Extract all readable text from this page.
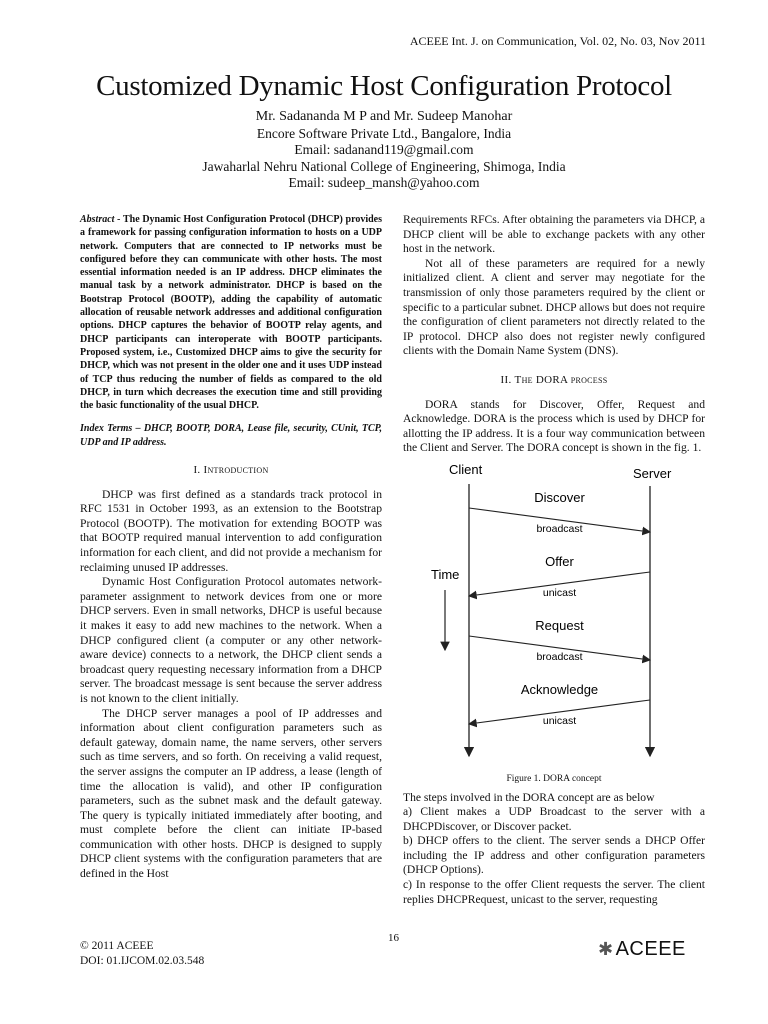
ACEEE Int. J. on Communication, Vol. 02, No. 03, Nov 2011
Customized Dynamic Host Configuration Protocol
Mr. Sadananda M P and Mr. Sudeep Manohar
Encore Software Private Ltd., Bangalore, India
Email: sadanand119@gmail.com
Jawaharlal Nehru National College of Engineering, Shimoga, India
Email: sudeep_mansh@yahoo.com

Abstract - The Dynamic Host Configuration Protocol (DHCP) provides a framework for passing configuration information to hosts on a UDP network. Computers that are connected to IP networks must be configured before they can communicate with other hosts. The most essential information needed is an IP address. DHCP eliminates the manual task by a network administrator. DHCP is based on the Bootstrap Protocol (BOOTP), adding the capability of automatic allocation of reusable network addresses and additional configuration options. DHCP captures the behavior of BOOTP relay agents, and DHCP participants can interoperate with BOOTP participants. Proposed system, i.e., Customized DHCP aims to give the security for DHCP, which was not present in the older one and it uses UDP instead of TCP thus reducing the number of fields as compared to the old DHCP, in turn which decreases the execution time and still providing the basic functionality of the usual DHCP.

Index Terms – DHCP, BOOTP, DORA, Lease file, security, CUnit, TCP, UDP and IP address.

I. Introduction

DHCP was first defined as a standards track protocol in RFC 1531 in October 1993, as an extension to the Bootstrap Protocol (BOOTP). The motivation for extending BOOTP was that BOOTP required manual intervention to add configuration information for each client, and did not provide a mechanism for reclaiming unused IP addresses.

Dynamic Host Configuration Protocol automates network-parameter assignment to network devices from one or more DHCP servers. Even in small networks, DHCP is useful because it makes it easy to add new machines to the network. When a DHCP configured client (a computer or any other network-aware device) connects to a network, the DHCP client sends a broadcast query requesting necessary information from a DHCP server. The broadcast message is sent because the server address is not known to the client initially.

The DHCP server manages a pool of IP addresses and information about client configuration parameters such as default gateway, domain name, the name servers, other servers such as time servers, and so forth. On receiving a valid request, the server assigns the computer an IP address, a lease (length of time the allocation is valid), and other IP configuration parameters, such as the subnet mask and the default gateway. The query is typically initiated immediately after booting, and must complete before the client can initiate IP-based communication with other hosts. DHCP is designed to supply DHCP client systems with the configuration parameters that are defined in the Host

Requirements RFCs. After obtaining the parameters via DHCP, a DHCP client will be able to exchange packets with any other host in the network.

Not all of these parameters are required for a newly initialized client. A client and server may negotiate for the transmission of only those parameters required by the client or specific to a particular subnet. DHCP allows but does not require the configuration of client parameters not directly related to the IP protocol. DHCP also does not register newly configured clients with the Domain Name System (DNS).

II. The DORA process

DORA stands for Discover, Offer, Request and Acknowledge. DORA is the process which is used by DHCP for allotting the IP address. It is a four way communication between the Client and Server. The DORA concept is shown in the fig. 1.

Client	Server
Time
Discover
broadcast
Offer
unicast
Request
broadcast
Acknowledge
unicast

Figure 1. DORA concept

The steps involved in the DORA concept are as below

a) Client makes a UDP Broadcast to the server with a DHCPDiscover, or Discover packet.

b) DHCP offers to the client. The server sends a DHCP Offer including the IP address and other configuration parameters (DHCP Options).

c) In response to the offer Client requests the server. The client replies DHCPRequest, unicast to the server, requesting

© 2011 ACEEE
DOI: 01.IJCOM.02.03.548
16
✱ ACEEE
